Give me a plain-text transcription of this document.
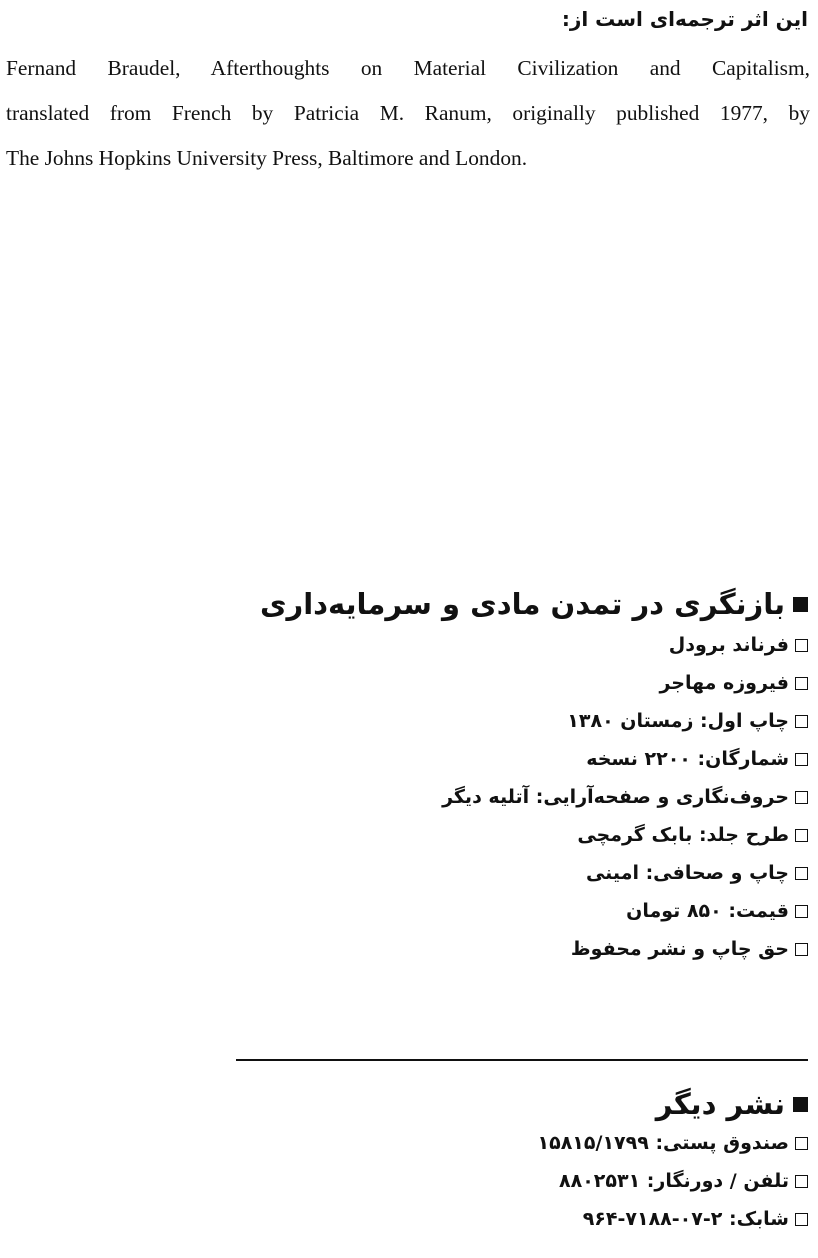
این اثر ترجمه‌ای است از:
Fernand Braudel, Afterthoughts on Material Civilization and Capitalism,
translated from French by Patricia M. Ranum, originally published 1977, by
The Johns Hopkins University Press, Baltimore and London.
بازنگری در تمدن مادی و سرمایه‌داری
فرناند برودل
فیروزه مهاجر
چاپ اول: زمستان ۱۳۸۰
شمارگان: ۲۲۰۰ نسخه
حروف‌نگاری و صفحه‌آرایی: آتلیه دیگر
طرح جلد: بابک گرمچی
چاپ و صحافی: امینی
قیمت: ۸۵۰ تومان
حق چاپ و نشر محفوظ
نشر دیگر
صندوق پستی: ۱۵۸۱۵/۱۷۹۹
تلفن / دورنگار: ۸۸۰۲۵۳۱
شابک: ۲-۰۷-۷۱۸۸-۹۶۴
